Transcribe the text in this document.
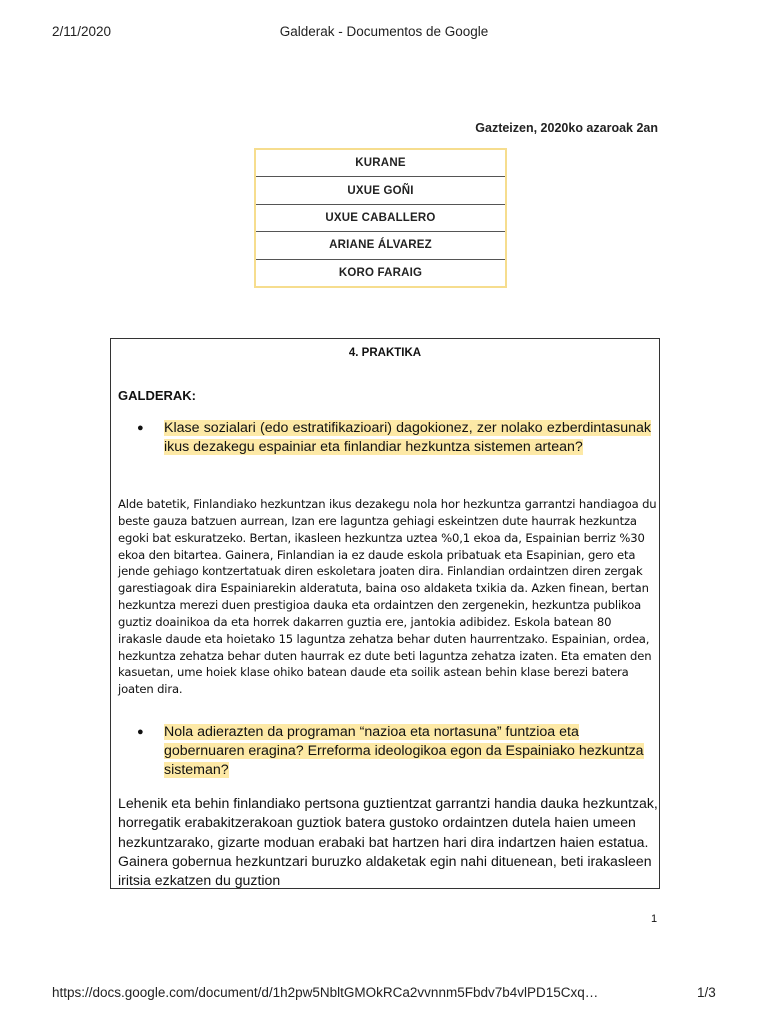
2/11/2020	Galderak - Documentos de Google
Gazteizen, 2020ko azaroak 2an
KURANE
UXUE GOÑI
UXUE CABALLERO
ARIANE ÁLVAREZ
KORO FARAIG
4. PRAKTIKA
GALDERAK:
●	Klase sozialari (edo estratifikazioari) dagokionez, zer nolako ezberdintasunak ikus dezakegu espainiar eta finlandiar hezkuntza sistemen artean?
Alde batetik, Finlandiako hezkuntzan ikus dezakegu nola hor hezkuntza garrantzi handiagoa du beste gauza batzuen aurrean, Izan ere laguntza gehiagi eskeintzen dute haurrak hezkuntza egoki bat eskuratzeko. Bertan, ikasleen hezkuntza uztea %0,1 ekoa da, Espainian berriz %30 ekoa den bitartea. Gainera, Finlandian ia ez daude eskola pribatuak eta Esapinian, gero eta jende gehiago kontzertatuak diren eskoletara joaten dira. Finlandian ordaintzen diren zergak garestiagoak dira Espainiarekin alderatuta, baina oso aldaketa txikia da. Azken finean, bertan hezkuntza merezi duen prestigioa dauka eta ordaintzen den zergenekin, hezkuntza publikoa guztiz doainikoa da eta horrek dakarren guztia ere, jantokia adibidez. Eskola batean 80 irakasle daude eta hoietako 15 laguntza zehatza behar duten haurrentzako. Espainian, ordea, hezkuntza zehatza behar duten haurrak ez dute beti laguntza zehatza izaten. Eta ematen den kasuetan, ume hoiek klase ohiko batean daude eta soilik astean behin klase berezi batera joaten dira.
●	Nola adierazten da programan “nazioa eta nortasuna” funtzioa eta gobernuaren eragina? Erreforma ideologikoa egon da Espainiako hezkuntza sisteman?
Lehenik eta behin finlandiako pertsona guztientzat garrantzi handia dauka hezkuntzak, horregatik erabakitzerakoan guztiok batera gustoko ordaintzen dutela haien umeen hezkuntzarako, gizarte moduan erabaki bat hartzen hari dira indartzen haien estatua. Gainera gobernua hezkuntzari buruzko aldaketak egin nahi dituenean, beti irakasleen iritsia ezkatzen du guztion
1
https://docs.google.com/document/d/1h2pw5NbltGMOkRCa2vvnnm5Fbdv7b4vlPD15Cxq…	1/3
